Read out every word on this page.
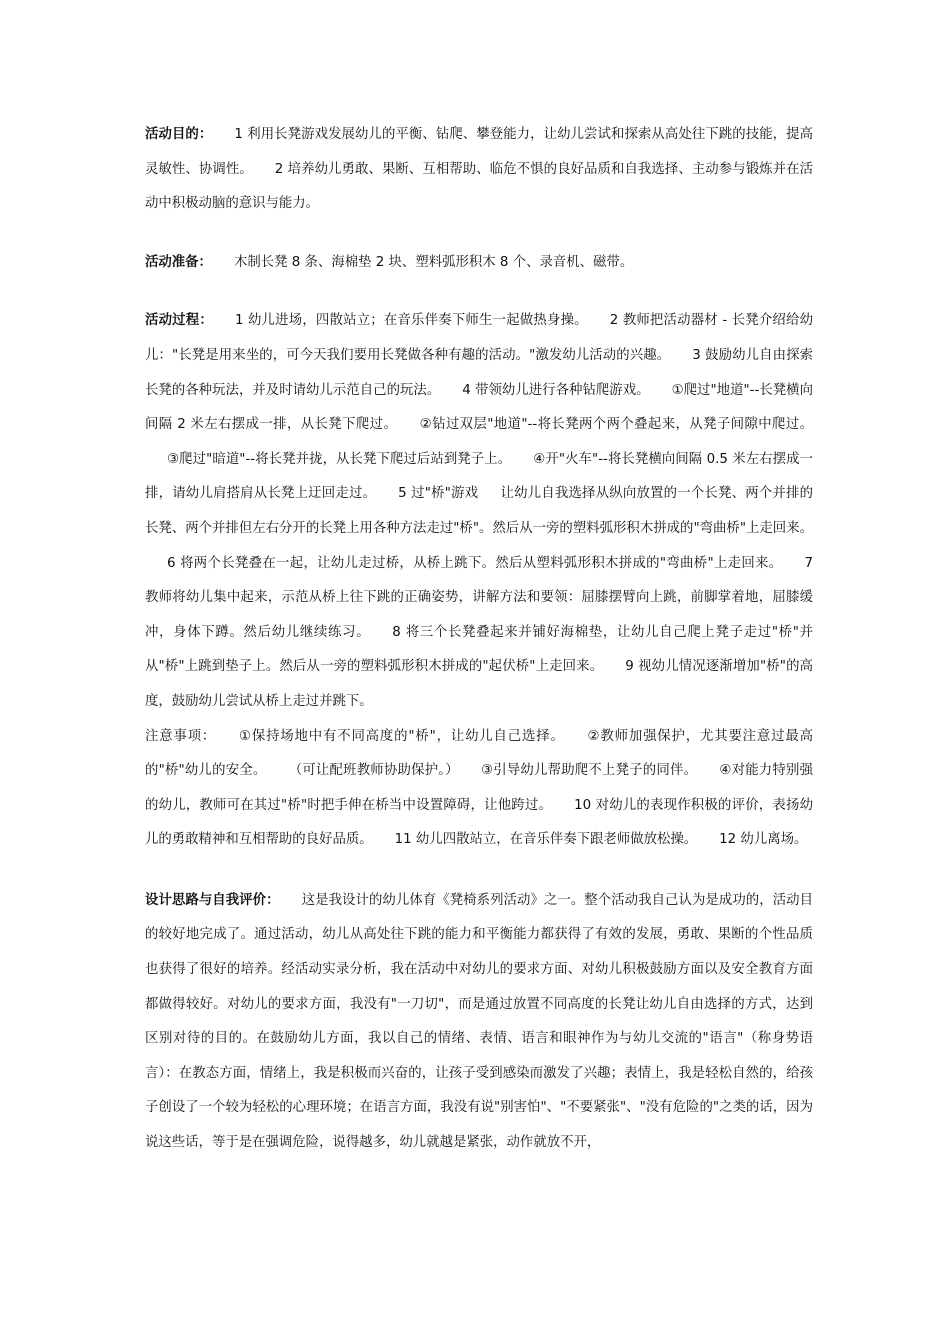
活动目的： 1 利用长凳游戏发展幼儿的平衡、钻爬、攀登能力，让幼儿尝试和探索从高处往下跳的技能，提高灵敏性、协调性。 2 培养幼儿勇敢、果断、互相帮助、临危不惧的良好品质和自我选择、主动参与锻炼并在活动中积极动脑的意识与能力。

活动准备： 木制长凳 8 条、海棉垫 2 块、塑料弧形积木 8 个、录音机、磁带。

活动过程： 1 幼儿进场，四散站立；在音乐伴奏下师生一起做热身操。 2 教师把活动器材 - 长凳介绍给幼儿："长凳是用来坐的，可今天我们要用长凳做各种有趣的活动。"激发幼儿活动的兴趣。 3 鼓励幼儿自由探索长凳的各种玩法，并及时请幼儿示范自己的玩法。 4 带领幼儿进行各种钻爬游戏。 ①爬过"地道"--长凳横向间隔 2 米左右摆成一排，从长凳下爬过。 ②钻过双层"地道"--将长凳两个两个叠起来，从凳子间隙中爬过。③爬过"暗道"--将长凳并拢，从长凳下爬过后站到凳子上。 ④开"火车"--将长凳横向间隔 0.5 米左右摆成一排，请幼儿肩搭肩从长凳上迂回走过。 5 过"桥"游戏 让幼儿自我选择从纵向放置的一个长凳、两个并排的长凳、两个并排但左右分开的长凳上用各种方法走过"桥"。然后从一旁的塑料弧形积木拼成的"弯曲桥"上走回来。6 将两个长凳叠在一起，让幼儿走过桥，从桥上跳下。然后从塑料弧形积木拼成的"弯曲桥"上走回来。 7 教师将幼儿集中起来，示范从桥上往下跳的正确姿势，讲解方法和要领：屈膝摆臂向上跳，前脚掌着地，屈膝缓冲，身体下蹲。然后幼儿继续练习。 8 将三个长凳叠起来并铺好海棉垫，让幼儿自己爬上凳子走过"桥"并从"桥"上跳到垫子上。然后从一旁的塑料弧形积木拼成的"起伏桥"上走回来。 9 视幼儿情况逐渐增加"桥"的高度，鼓励幼儿尝试从桥上走过并跳下。
注意事项： ①保持场地中有不同高度的"桥"，让幼儿自己选择。 ②教师加强保护，尤其要注意过最高的"桥"幼儿的安全。 （可让配班教师协助保护。） ③引导幼儿帮助爬不上凳子的同伴。 ④对能力特别强的幼儿，教师可在其过"桥"时把手伸在桥当中设置障碍，让他跨过。 10 对幼儿的表现作积极的评价，表扬幼儿的勇敢精神和互相帮助的良好品质。 11 幼儿四散站立，在音乐伴奏下跟老师做放松操。 12 幼儿离场。

设计思路与自我评价： 这是我设计的幼儿体育《凳椅系列活动》之一。整个活动我自己认为是成功的，活动目的较好地完成了。通过活动，幼儿从高处往下跳的能力和平衡能力都获得了有效的发展，勇敢、果断的个性品质也获得了很好的培养。经活动实录分析，我在活动中对幼儿的要求方面、对幼儿积极鼓励方面以及安全教育方面都做得较好。对幼儿的要求方面，我没有"一刀切"，而是通过放置不同高度的长凳让幼儿自由选择的方式，达到区别对待的目的。在鼓励幼儿方面，我以自己的情绪、表情、语言和眼神作为与幼儿交流的"语言"（称身势语言）：在教态方面，情绪上，我是积极而兴奋的，让孩子受到感染而激发了兴趣；表情上，我是轻松自然的，给孩子创设了一个较为轻松的心理环境；在语言方面，我没有说"别害怕"、"不要紧张"、"没有危险的"之类的话，因为说这些话，等于是在强调危险，说得越多，幼儿就越是紧张，动作就放不开，
